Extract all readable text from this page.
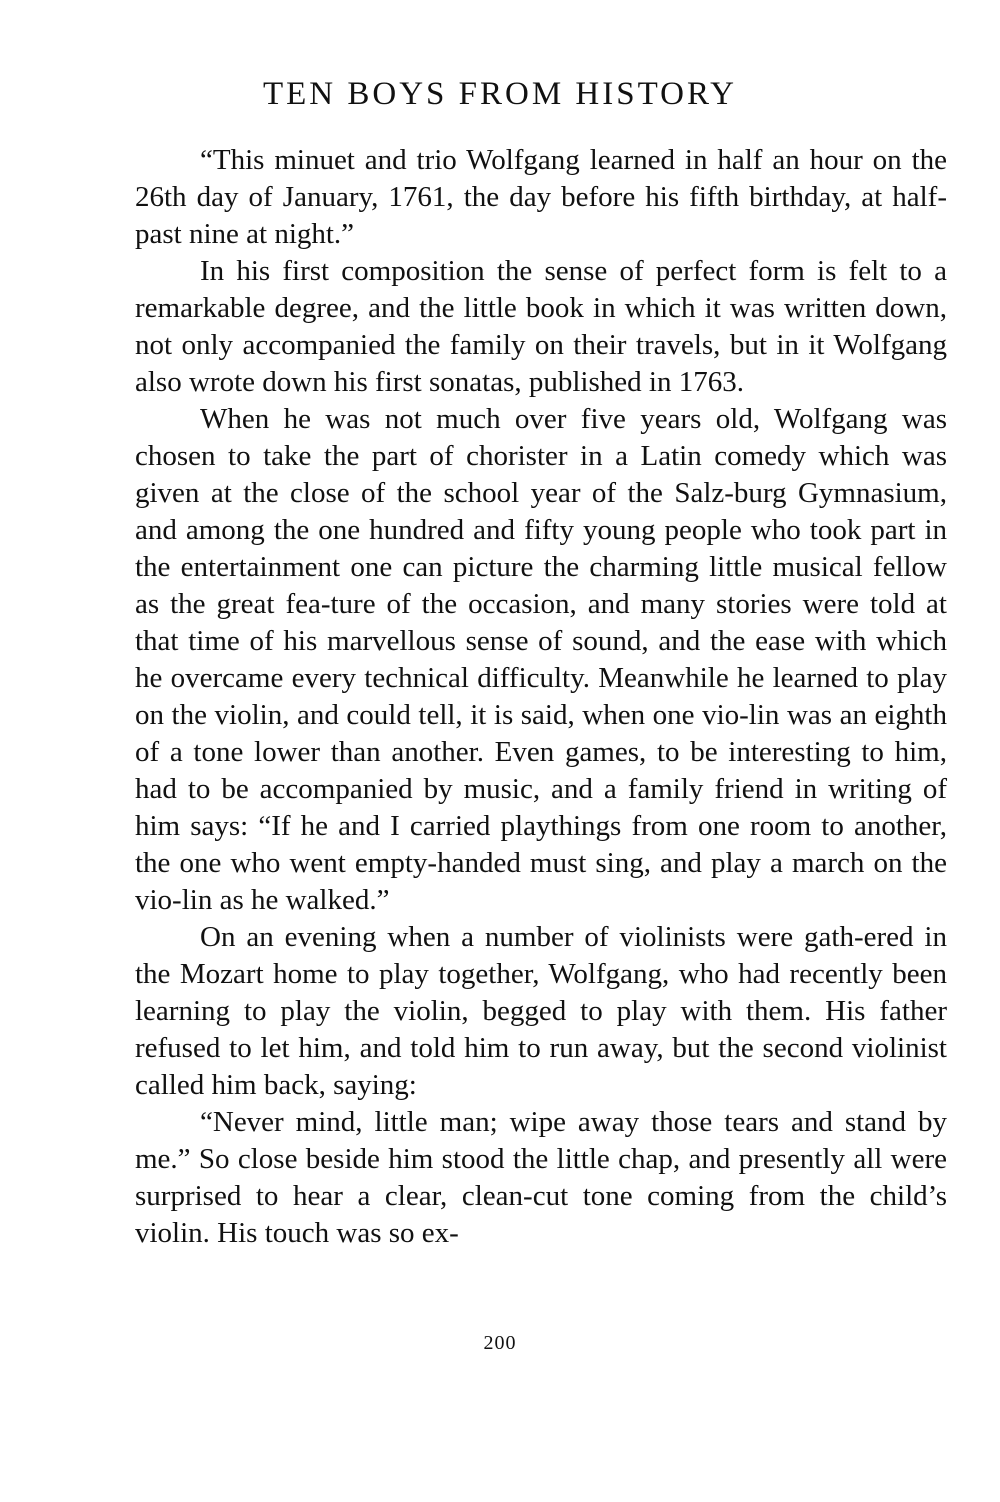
TEN BOYS FROM HISTORY

“This minuet and trio Wolfgang learned in half an hour on the 26th day of January, 1761, the day before his fifth birthday, at half-past nine at night.”

In his first composition the sense of perfect form is felt to a remarkable degree, and the little book in which it was written down, not only accompanied the family on their travels, but in it Wolfgang also wrote down his first sonatas, published in 1763.

When he was not much over five years old, Wolfgang was chosen to take the part of chorister in a Latin comedy which was given at the close of the school year of the Salz-burg Gymnasium, and among the one hundred and fifty young people who took part in the entertainment one can picture the charming little musical fellow as the great fea-ture of the occasion, and many stories were told at that time of his marvellous sense of sound, and the ease with which he overcame every technical difficulty. Meanwhile he learned to play on the violin, and could tell, it is said, when one vio-lin was an eighth of a tone lower than another. Even games, to be interesting to him, had to be accompanied by music, and a family friend in writing of him says: “If he and I carried playthings from one room to another, the one who went empty-handed must sing, and play a march on the vio-lin as he walked.”

On an evening when a number of violinists were gath-ered in the Mozart home to play together, Wolfgang, who had recently been learning to play the violin, begged to play with them. His father refused to let him, and told him to run away, but the second violinist called him back, saying:

“Never mind, little man; wipe away those tears and stand by me.” So close beside him stood the little chap, and presently all were surprised to hear a clear, clean-cut tone coming from the child’s violin. His touch was so ex-

200
